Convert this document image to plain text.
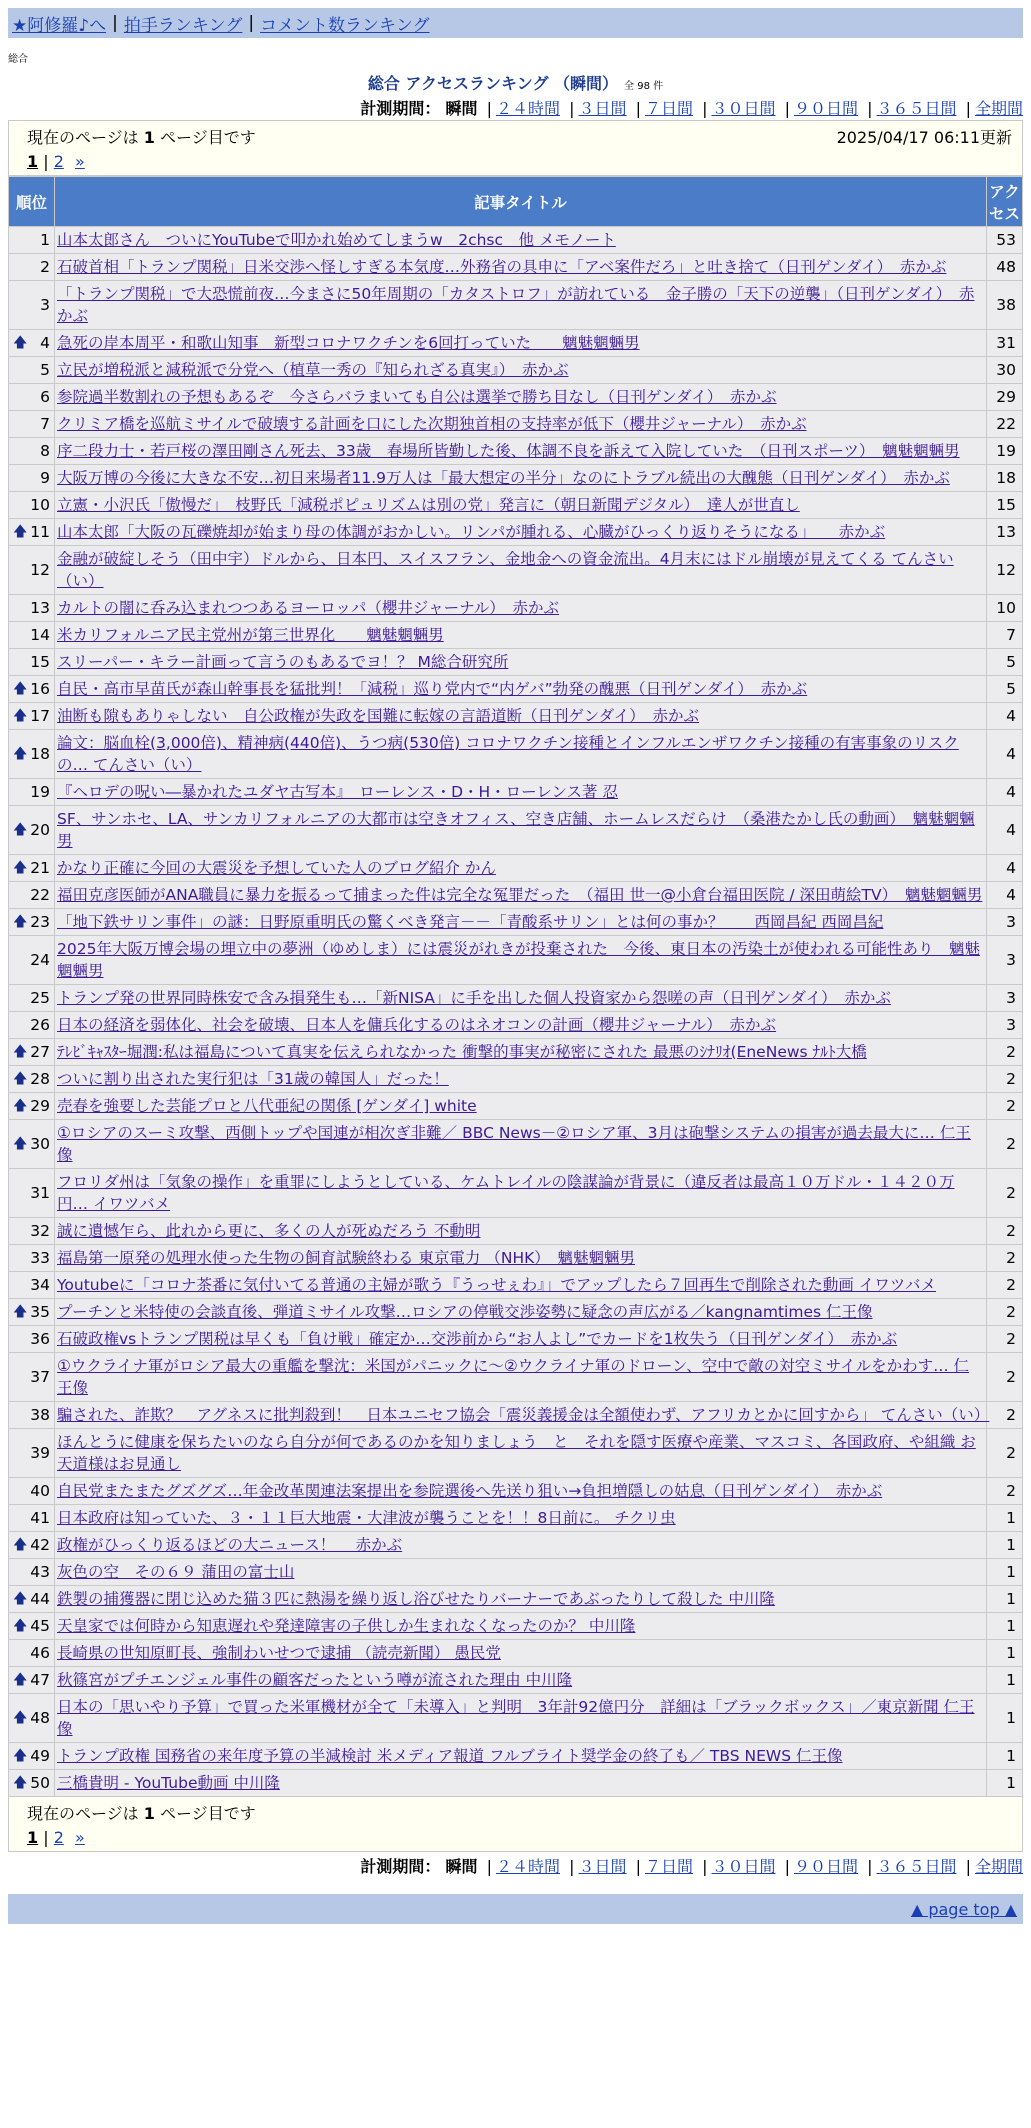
★阿修羅♪へ | 拍手ランキング | コメント数ランキング
総合
総合 アクセスランキング （瞬間） 全 98 件
計測期間： 瞬間 | ２４時間 | ３日間 | ７日間 | ３０日間 | ９０日間 | ３６５日間 | 全期間
現在のページは 1 ページ目です	2025/04/17 06:11更新
1 | 2 »
順位	記事タイトル	アクセス
1	山本太郎さん　ついにYouTubeで叩かれ始めてしまうw　2chsc　他 メモノート	53
2	石破首相「トランプ関税」日米交渉へ怪しすぎる本気度…外務省の具申に「アベ案件だろ」と吐き捨て（日刊ゲンダイ）　赤かぶ	48
3	「トランプ関税」で大恐慌前夜…今まさに50年周期の「カタストロフ」が訪れている　金子勝の「天下の逆襲」（日刊ゲンダイ）　赤かぶ	38

🡅 4	急死の岸本周平・和歌山知事　新型コロナワクチンを6回打っていた　　魑魅魍魎男	31
5	立民が増税派と減税派で分党へ（植草一秀の『知られざる真実』）　赤かぶ	30
6	参院過半数割れの予想もあるぞ　今さらバラまいても自公は選挙で勝ち目なし（日刊ゲンダイ）　赤かぶ	29
7	クリミア橋を巡航ミサイルで破壊する計画を口にした次期独首相の支持率が低下（櫻井ジャーナル）　赤かぶ	22
8	序二段力士・若戸桜の澤田剛さん死去、33歳　春場所皆勤した後、体調不良を訴えて入院していた　（日刊スポーツ）　魑魅魍魎男	19
9	大阪万博の今後に大きな不安…初日来場者11.9万人は「最大想定の半分」なのにトラブル続出の大醜態（日刊ゲンダイ）　赤かぶ	18
10	立憲・小沢氏「傲慢だ」　枝野氏「減税ポピュリズムは別の党」発言に（朝日新聞デジタル）　達人が世直し	15

🡅 11	山本太郎「大阪の瓦礫焼却が始まり母の体調がおかしい。リンパが腫れる、心臓がひっくり返りそうになる」　　赤かぶ	13
12	金融が破綻しそう（田中宇）ドルから、日本円、スイスフラン、金地金への資金流出。4月末にはドル崩壊が見えてくる てんさい（い）	12
13	カルトの闇に呑み込まれつつあるヨーロッパ（櫻井ジャーナル）　赤かぶ	10
14	米カリフォルニア民主党州が第三世界化　　魑魅魍魎男	7
15	スリーパー・キラー計画って言うのもあるでヨ！？ M総合研究所	5

🡅 16	自民・高市早苗氏が森山幹事長を猛批判！「減税」巡り党内で“内ゲバ”勃発の醜悪（日刊ゲンダイ）　赤かぶ	5

🡅 17	油断も隙もありゃしない　自公政権が失政を国難に転嫁の言語道断（日刊ゲンダイ）　赤かぶ	4

🡅 18	論文：脳血栓(3,000倍)、精神病(440倍)、うつ病(530倍) コロナワクチン接種とインフルエンザワクチン接種の有害事象のリスクの… てんさい（い）	4
19	『ヘロデの呪い―暴かれたユダヤ古写本』　ローレンス・D・H・ローレンス著 忍	4

🡅 20	SF、サンホセ、LA、サンカリフォルニアの大都市は空きオフィス、空き店舗、ホームレスだらけ　（桑港たかし氏の動画）　魑魅魍魎男	4

🡅 21	かなり正確に今回の大震災を予想していた人のブログ紹介 かん	4
22	福田克彦医師がANA職員に暴力を振るって捕まった件は完全な冤罪だった　（福田 世一@小倉台福田医院 / 深田萌絵TV）　魑魅魍魎男	4

🡅 23	「地下鉄サリン事件」の謎：日野原重明氏の驚くべき発言－－「青酸系サリン」とは何の事か？　　西岡昌紀 西岡昌紀	3
24	2025年大阪万博会場の埋立中の夢洲（ゆめしま）には震災がれきが投棄された　今後、東日本の汚染土が使われる可能性あり　魑魅魍魎男	3
25	トランプ発の世界同時株安で含み損発生も…「新NISA」に手を出した個人投資家から怨嗟の声（日刊ゲンダイ）　赤かぶ	3
26	日本の経済を弱体化、社会を破壊、日本人を傭兵化するのはネオコンの計画（櫻井ジャーナル）　赤かぶ	3

🡅 27	ﾃﾚﾋﾞｷｬｽﾀｰ堀潤:私は福島について真実を伝えられなかった 衝撃的事実が秘密にされた 最悪のｼﾅﾘｵ(EneNews ﾅﾙﾄ大橋	2

🡅 28	ついに割り出された実行犯は「31歳の韓国人」だった！	2

🡅 29	売春を強要した芸能プロと八代亜紀の関係 [ゲンダイ] white	2

🡅 30	①ロシアのスーミ攻撃、西側トップや国連が相次ぎ非難／ BBC News－②ロシア軍、3月は砲撃システムの損害が過去最大に… 仁王像	2
31	フロリダ州は「気象の操作」を重罪にしようとしている、ケムトレイルの陰謀論が背景に（違反者は最高１０万ドル・１４２０万円… イワツバメ	2
32	誠に遺憾乍ら、此れから更に、多くの人が死ぬだろう 不動明	2
33	福島第一原発の処理水使った生物の飼育試験終わる 東京電力 （NHK）　魑魅魍魎男	2
34	Youtubeに「コロナ茶番に気付いてる普通の主婦が歌う『うっせぇわ』」でアップしたら７回再生で削除された動画 イワツバメ	2

🡅 35	プーチンと米特使の会談直後、弾道ミサイル攻撃…ロシアの停戦交渉姿勢に疑念の声広がる／kangnamtimes 仁王像	2
36	石破政権vsトランプ関税は早くも「負け戦」確定か…交渉前から“お人よし”でカードを1枚失う（日刊ゲンダイ）　赤かぶ	2
37	①ウクライナ軍がロシア最大の重艦を撃沈：米国がパニックに～②ウクライナ軍のドローン、空中で敵の対空ミサイルをかわす… 仁王像	2
38	騙された、詐欺？　アグネスに批判殺到！　日本ユニセフ協会「震災義援金は全額使わず、アフリカとかに回すから」 てんさい（い）	2
39	ほんとうに健康を保ちたいのなら自分が何であるのかを知りましょう　と　それを隠す医療や産業、マスコミ、各国政府、や組織 お天道様はお見通し	2
40	自民党またまたグズグズ…年金改革関連法案提出を参院選後へ先送り狙い→負担増隠しの姑息（日刊ゲンダイ）　赤かぶ	2
41	日本政府は知っていた、３・１１巨大地震・大津波が襲うことを！！8日前に。 チクリ虫	1

🡅 42	政権がひっくり返るほどの大ニュース！　 赤かぶ	1
43	灰色の空　その６９ 蒲田の富士山	1

🡅 44	鉄製の捕獲器に閉じ込めた猫３匹に熱湯を繰り返し浴びせたりバーナーであぶったりして殺した 中川隆	1

🡅 45	天皇家では何時から知恵遅れや発達障害の子供しか生まれなくなったのか？ 中川隆	1
46	長崎県の世知原町長、強制わいせつで逮捕 （読売新聞） 愚民党	1

🡅 47	秋篠宮がプチエンジェル事件の顧客だったという噂が流された理由 中川隆	1

🡅 48	日本の「思いやり予算」で買った米軍機材が全て「未導入」と判明　3年計92億円分　詳細は「ブラックボックス」／東京新聞 仁王像	1

🡅 49	トランプ政権 国務省の来年度予算の半減検討 米メディア報道 フルブライト奨学金の終了も／ TBS NEWS 仁王像	1

🡅 50	三橋貴明 - YouTube動画 中川隆	1
現在のページは 1 ページ目です
1 | 2 »
計測期間： 瞬間 | ２４時間 | ３日間 | ７日間 | ３０日間 | ９０日間 | ３６５日間 | 全期間
▲ page top ▲
